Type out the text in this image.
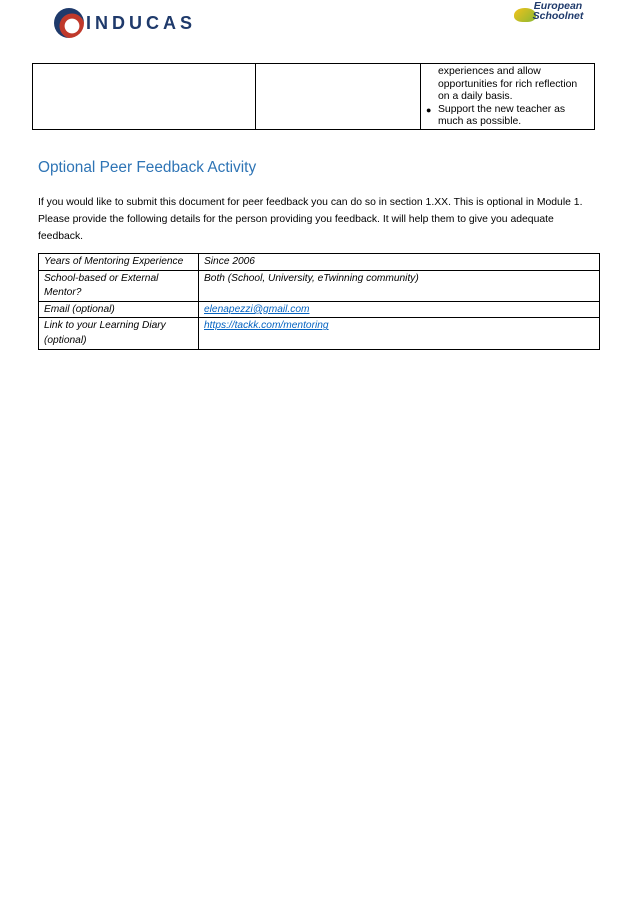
INDUCAS
European
Schoolnet

experiences and allow
opportunities for rich reflection
on a daily basis.
● Support the new teacher as
much as possible.
Optional Peer Feedback Activity

If you would like to submit this document for peer feedback you can do so in section 1.XX. This is optional in Module 1. Please provide the following details for the person providing you feedback. It will help them to give you adequate feedback.

Years of Mentoring Experience	Since 2006
School-based or External Mentor?	Both (School, University, eTwinning community)
Email (optional)	elenapezzi@gmail.com
Link to your Learning Diary (optional)	https://tackk.com/mentoring
